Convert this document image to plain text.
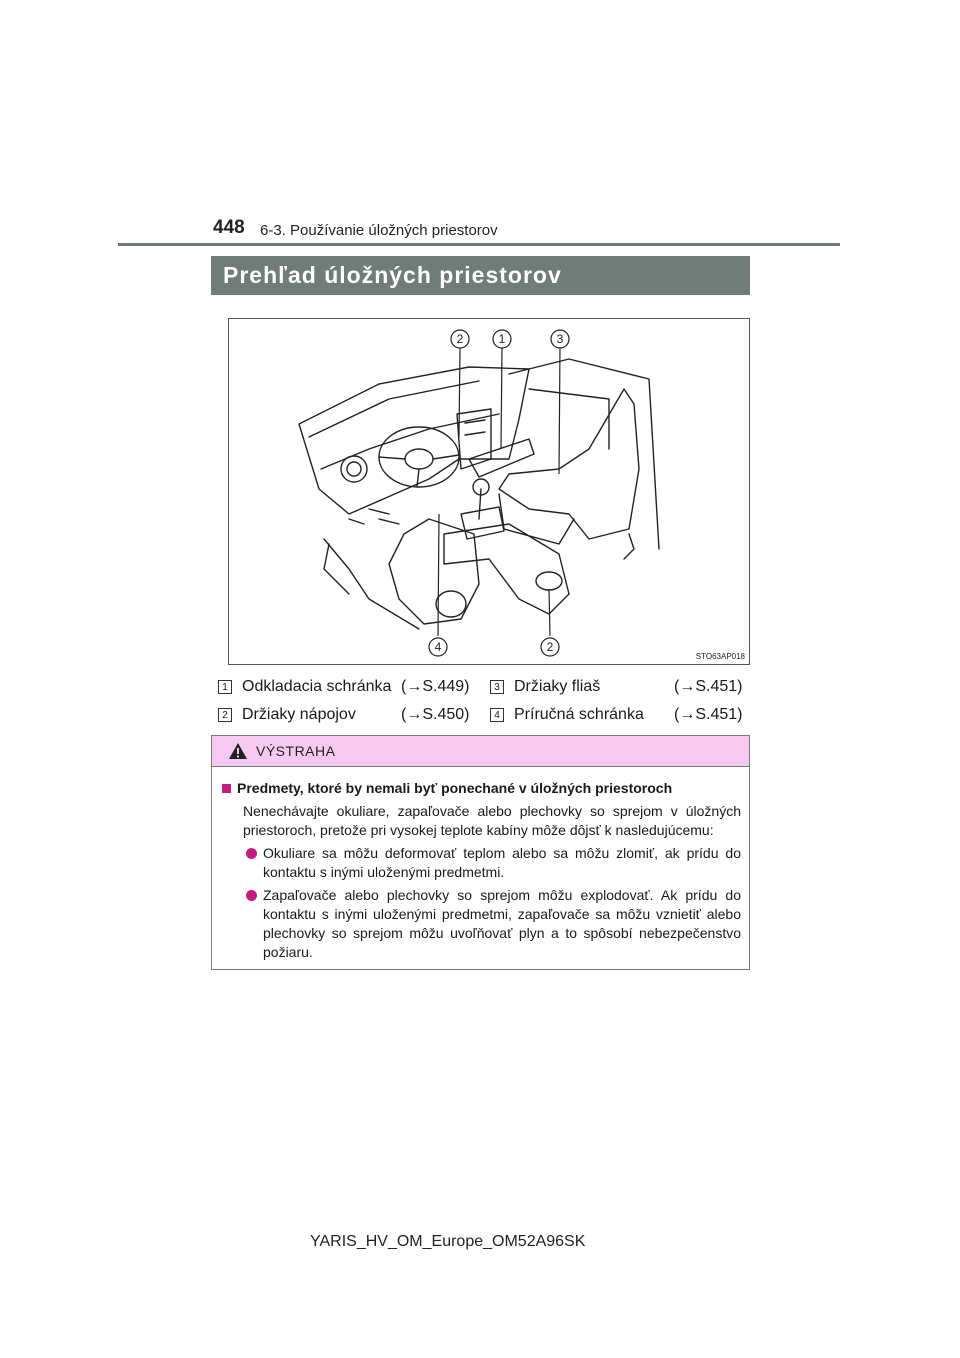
448 6-3. Používanie úložných priestorov
Prehľad úložných priestorov
2	1	3
4	2
STO63AP018
1 Odkladacia schránka (→S.449)	3 Držiaky fliaš	(→S.451)
2 Držiaky nápojov	(→S.450)	4 Príručná schránka (→S.451)
VÝSTRAHA
Predmety, ktoré by nemali byť ponechané v úložných priestoroch
Nenechávajte okuliare, zapaľovače alebo plechovky so sprejom v úložných priestoroch, pretože pri vysokej teplote kabíny môže dôjsť k nasledujúcemu:
Okuliare sa môžu deformovať teplom alebo sa môžu zlomiť, ak prídu do kontaktu s inými uloženými predmetmi.
Zapaľovače alebo plechovky so sprejom môžu explodovať. Ak prídu do kontaktu s inými uloženými predmetmi, zapaľovače sa môžu vznietiť alebo plechovky so sprejom môžu uvoľňovať plyn a to spôsobí nebezpečenstvo požiaru.
YARIS_HV_OM_Europe_OM52A96SK
